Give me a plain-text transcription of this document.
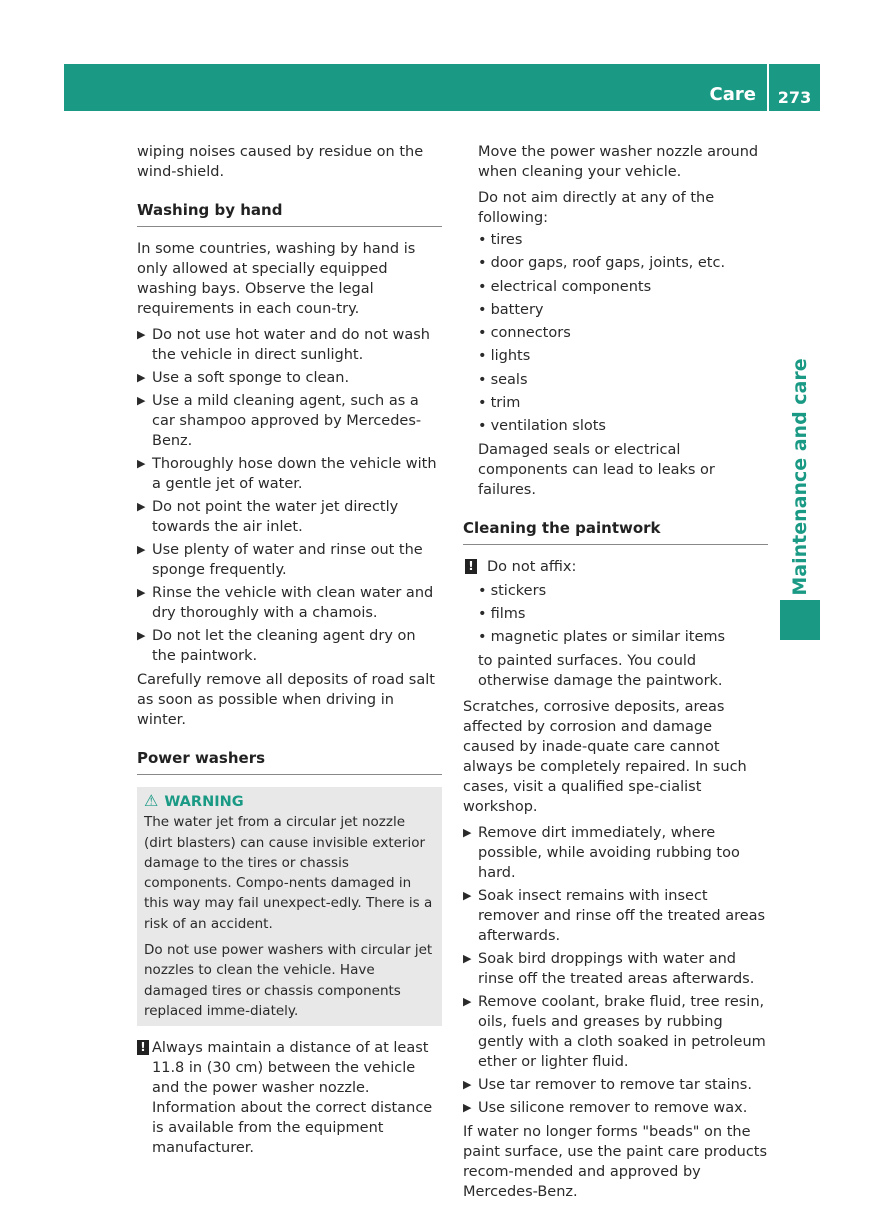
Care	273
Maintenance and care

wiping noises caused by residue on the wind-shield.

Washing by hand

In some countries, washing by hand is only allowed at specially equipped washing bays. Observe the legal requirements in each coun-try.

▶ Do not use hot water and do not wash the vehicle in direct sunlight.
▶ Use a soft sponge to clean.
▶ Use a mild cleaning agent, such as a car shampoo approved by Mercedes-Benz.
▶ Thoroughly hose down the vehicle with a gentle jet of water.
▶ Do not point the water jet directly towards the air inlet.
▶ Use plenty of water and rinse out the sponge frequently.
▶ Rinse the vehicle with clean water and dry thoroughly with a chamois.
▶ Do not let the cleaning agent dry on the paintwork.

Carefully remove all deposits of road salt as soon as possible when driving in winter.

Power washers
⚠ WARNING

The water jet from a circular jet nozzle (dirt blasters) can cause invisible exterior damage to the tires or chassis components. Compo-nents damaged in this way may fail unexpect-edly. There is a risk of an accident.

Do not use power washers with circular jet nozzles to clean the vehicle. Have damaged tires or chassis components replaced imme-diately.

! Always maintain a distance of at least 11.8 in (30 cm) between the vehicle and the power washer nozzle. Information about the correct distance is available from the equipment manufacturer.

Move the power washer nozzle around when cleaning your vehicle.

Do not aim directly at any of the following:

• tires
• door gaps, roof gaps, joints, etc.
• electrical components
• battery
• connectors
• lights
• seals
• trim
• ventilation slots

Damaged seals or electrical components can lead to leaks or failures.

Cleaning the paintwork
! Do not affix:
• stickers
• films
• magnetic plates or similar items

to painted surfaces. You could otherwise damage the paintwork.

Scratches, corrosive deposits, areas affected by corrosion and damage caused by inade-quate care cannot always be completely repaired. In such cases, visit a qualified spe-cialist workshop.

▶ Remove dirt immediately, where possible, while avoiding rubbing too hard.
▶ Soak insect remains with insect remover and rinse off the treated areas afterwards.
▶ Soak bird droppings with water and rinse off the treated areas afterwards.
▶ Remove coolant, brake fluid, tree resin, oils, fuels and greases by rubbing gently with a cloth soaked in petroleum ether or lighter fluid.
▶ Use tar remover to remove tar stains.
▶ Use silicone remover to remove wax.

If water no longer forms "beads" on the paint surface, use the paint care products recom-mended and approved by Mercedes-Benz.
